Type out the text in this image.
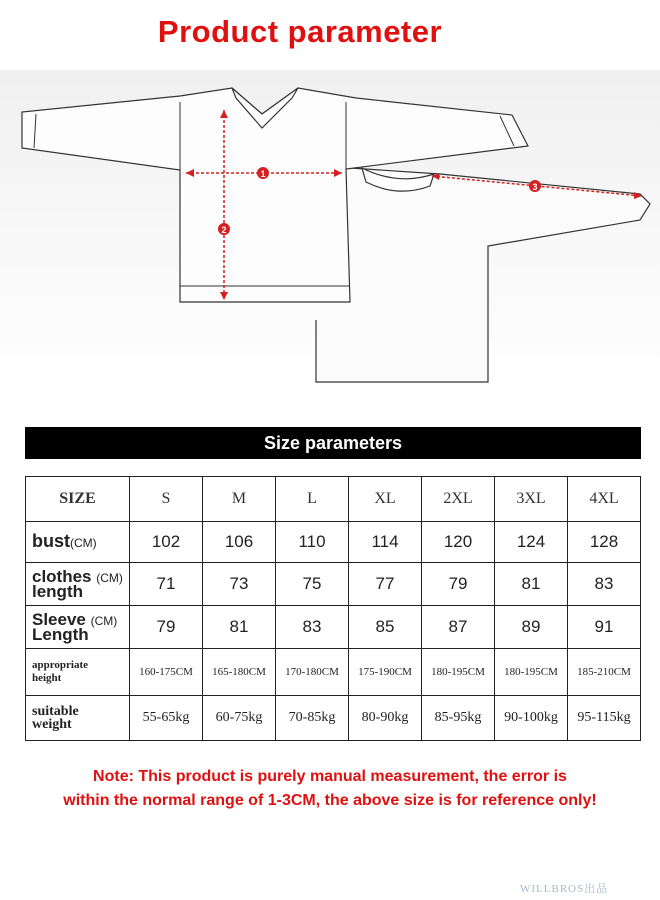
Product parameter
1
2
3
Size parameters
SIZE	S	M	L	XL	2XL	3XL	4XL
bust(CM)	102	106	110	114	120	124	128
clothes (CM)
length	71	73	75	77	79	81	83
Sleeve (CM)
Length	79	81	83	85	87	89	91
appropriate
height	160-175CM	165-180CM	170-180CM	175-190CM	180-195CM	180-195CM	185-210CM
suitable
weight	55-65kg	60-75kg	70-85kg	80-90kg	85-95kg	90-100kg	95-115kg
Note: This product is purely manual measurement, the error is
within the normal range of 1-3CM, the above size is for reference only!
WILLBROS出品
